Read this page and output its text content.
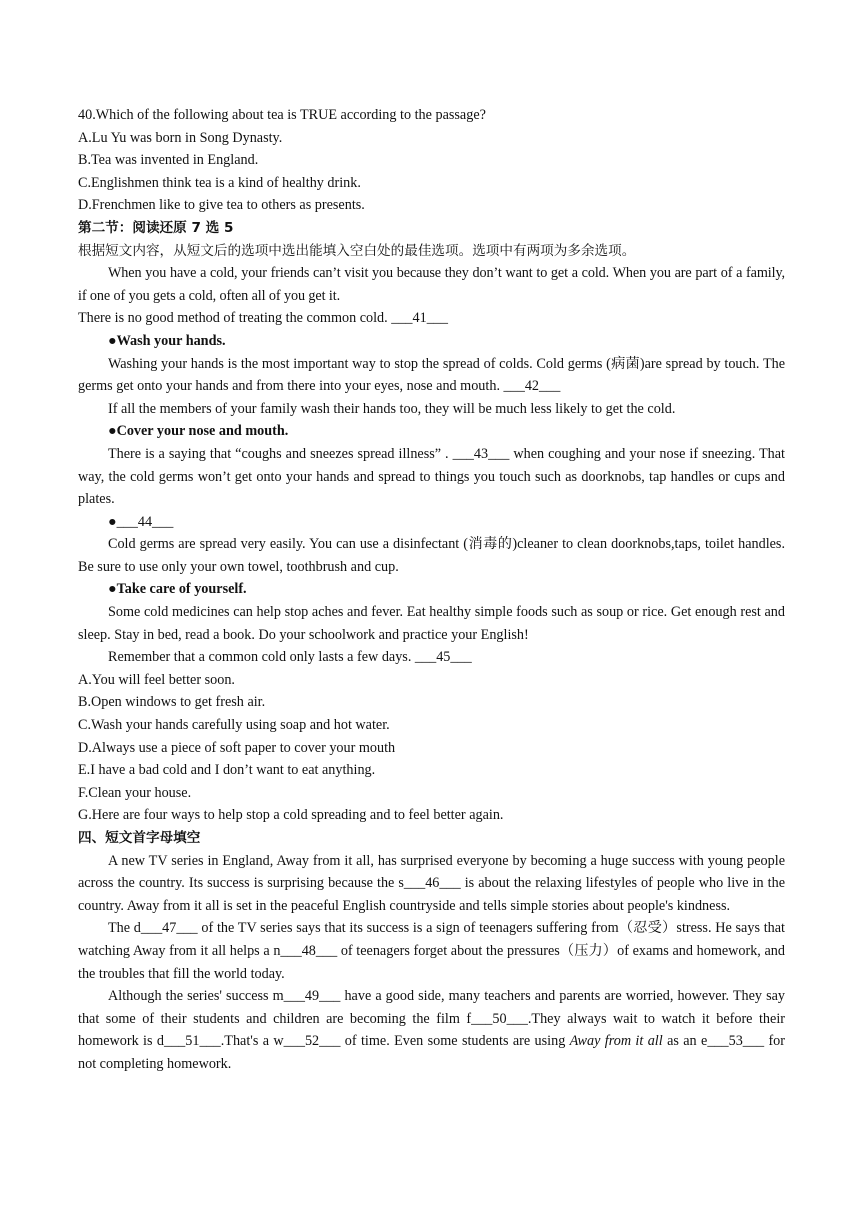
40.Which of the following about tea is TRUE according to the passage?

A.Lu Yu was born in Song Dynasty.

B.Tea was invented in England.

C.Englishmen think tea is a kind of healthy drink.

D.Frenchmen like to give tea to others as presents.

第二节：阅读还原 7 选 5

根据短文内容，从短文后的选项中选出能填入空白处的最佳选项。选项中有两项为多余选项。

When you have a cold, your friends can’t visit you because they don’t want to get a cold. When you are part of a family, if one of you gets a cold, often all of you get it.

There is no good method of treating the common cold. ___41___

●Wash your hands.

Washing your hands is the most important way to stop the spread of colds. Cold germs (病菌)are spread by touch. The germs get onto your hands and from there into your eyes, nose and mouth. ___42___

If all the members of your family wash their hands too, they will be much less likely to get the cold.

●Cover your nose and mouth.

There is a saying that “coughs and sneezes spread illness” . ___43___ when coughing and your nose if sneezing. That way, the cold germs won’t get onto your hands and spread to things you touch such as doorknobs, tap handles or cups and plates.

●___44___

Cold germs are spread very easily. You can use a disinfectant (消毒的)cleaner to clean doorknobs,taps, toilet handles. Be sure to use only your own towel, toothbrush and cup.

●Take care of yourself.

Some cold medicines can help stop aches and fever. Eat healthy simple foods such as soup or rice. Get enough rest and sleep. Stay in bed, read a book. Do your schoolwork and practice your English!

Remember that a common cold only lasts a few days. ___45___

A.You will feel better soon.

B.Open windows to get fresh air.

C.Wash your hands carefully using soap and hot water.

D.Always use a piece of soft paper to cover your mouth

E.I have a bad cold and I don’t want to eat anything.

F.Clean your house.

G.Here are four ways to help stop a cold spreading and to feel better again.

四、短文首字母填空

A new TV series in England, Away from it all, has surprised everyone by becoming a huge success with young people across the country. Its success is surprising because the s___46___ is about the relaxing lifestyles of people who live in the country. Away from it all is set in the peaceful English countryside and tells simple stories about people's kindness.

The d___47___ of the TV series says that its success is a sign of teenagers suffering from（忍受）stress. He says that watching Away from it all helps a n___48___ of teenagers forget about the pressures（压力）of exams and homework, and the troubles that fill the world today.

Although the series' success m___49___ have a good side, many teachers and parents are worried, however. They say that some of their students and children are becoming the film f___50___.They always wait to watch it before their homework is d___51___.That's a w___52___ of time. Even some students are using Away from it all as an e___53___ for not completing homework.
